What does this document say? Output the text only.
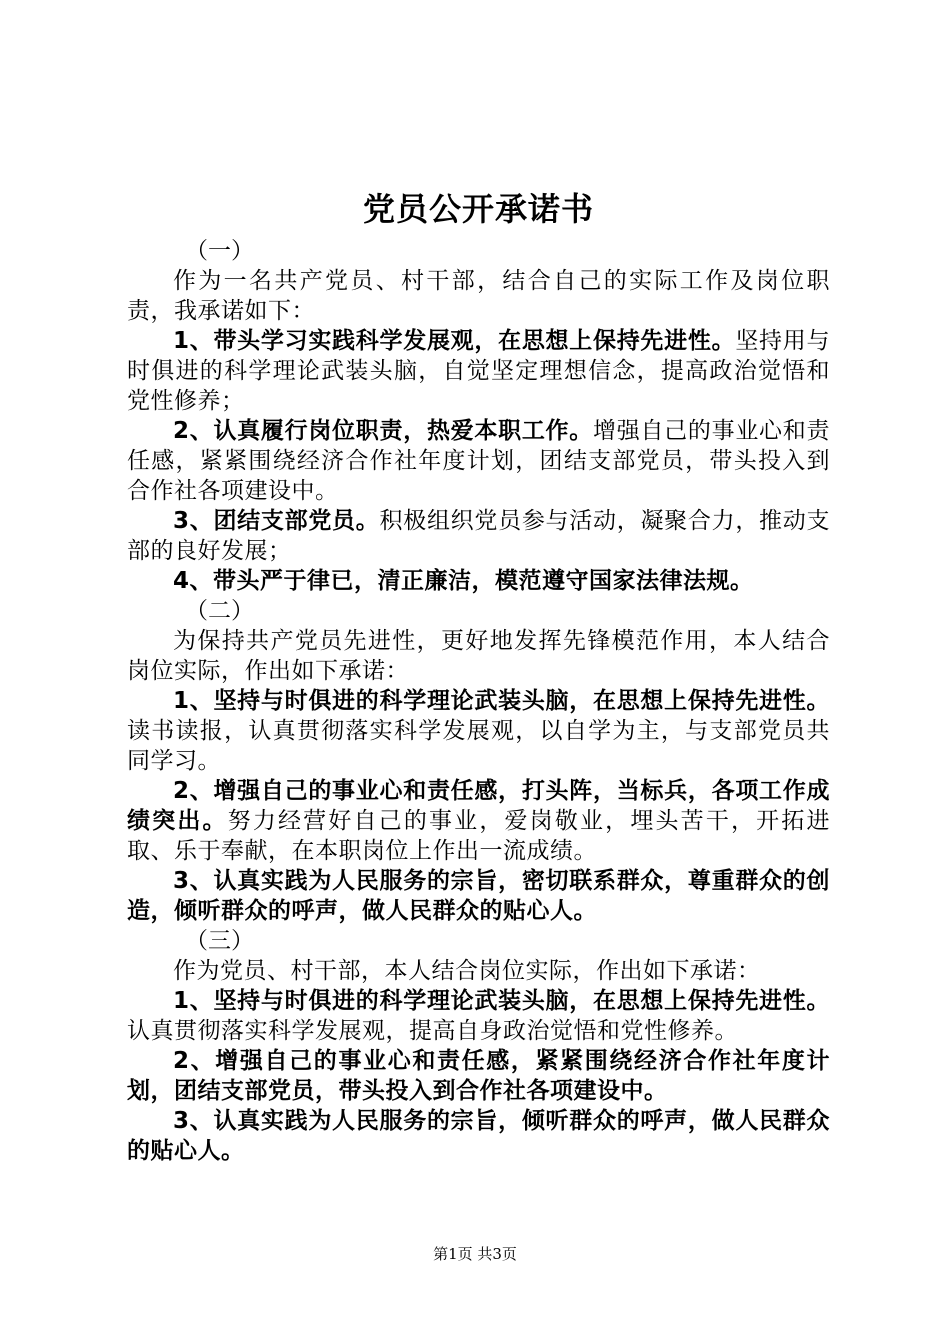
党员公开承诺书

（一）

作为一名共产党员、村干部，结合自己的实际工作及岗位职责，我承诺如下：

1、带头学习实践科学发展观，在思想上保持先进性。坚持用与时俱进的科学理论武装头脑，自觉坚定理想信念，提高政治觉悟和党性修养；

2、认真履行岗位职责，热爱本职工作。增强自己的事业心和责任感，紧紧围绕经济合作社年度计划，团结支部党员，带头投入到合作社各项建设中。

3、团结支部党员。积极组织党员参与活动，凝聚合力，推动支部的良好发展；

4、带头严于律已，清正廉洁，模范遵守国家法律法规。

（二）

为保持共产党员先进性，更好地发挥先锋模范作用，本人结合岗位实际，作出如下承诺：

1、坚持与时俱进的科学理论武装头脑，在思想上保持先进性。读书读报，认真贯彻落实科学发展观，以自学为主，与支部党员共同学习。

2、增强自己的事业心和责任感，打头阵，当标兵，各项工作成绩突出。努力经营好自己的事业，爱岗敬业，埋头苦干，开拓进取、乐于奉献，在本职岗位上作出一流成绩。

3、认真实践为人民服务的宗旨，密切联系群众，尊重群众的创造，倾听群众的呼声，做人民群众的贴心人。

（三）

作为党员、村干部，本人结合岗位实际，作出如下承诺：

1、坚持与时俱进的科学理论武装头脑，在思想上保持先进性。认真贯彻落实科学发展观，提高自身政治觉悟和党性修养。

2、增强自己的事业心和责任感，紧紧围绕经济合作社年度计划，团结支部党员，带头投入到合作社各项建设中。

3、认真实践为人民服务的宗旨，倾听群众的呼声，做人民群众的贴心人。

第1页 共3页
